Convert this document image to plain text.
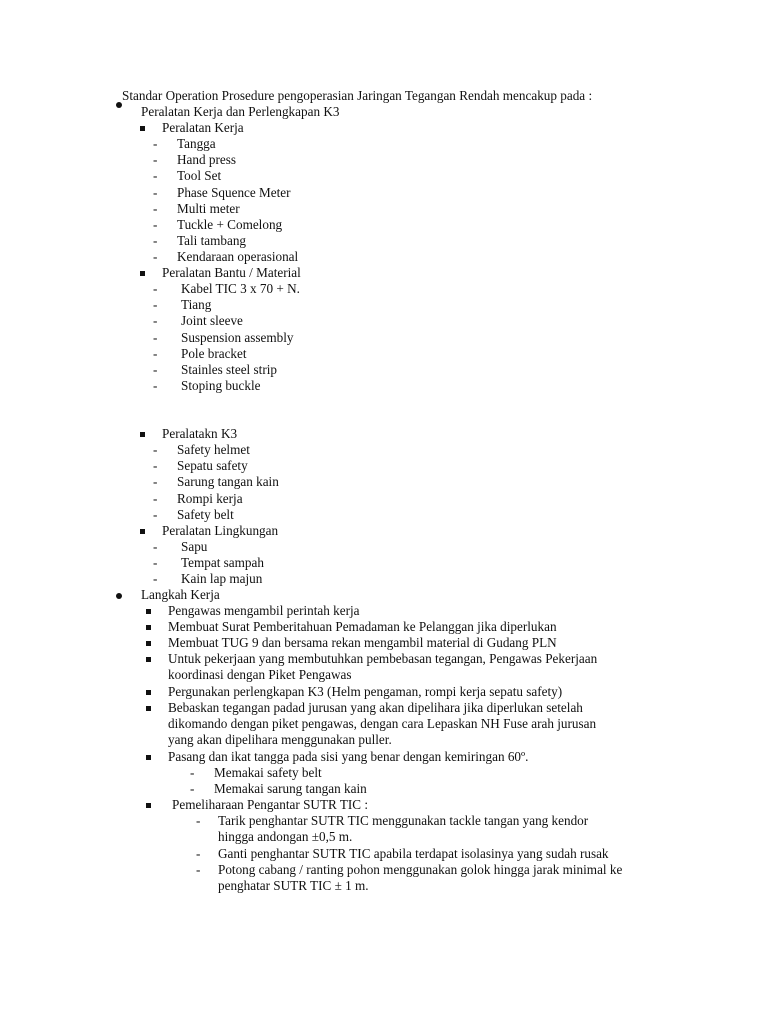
Standar Operation Prosedure pengoperasian Jaringan Tegangan Rendah mencakup pada :
Peralatan Kerja dan Perlengkapan K3
Peralatan Kerja
- Tangga
- Hand press
- Tool Set
- Phase Squence Meter
- Multi meter
- Tuckle + Comelong
- Tali tambang
- Kendaraan operasional
Peralatan Bantu / Material
- Kabel TIC 3 x 70 + N.
- Tiang
- Joint sleeve
- Suspension assembly
- Pole bracket
- Stainles steel strip
- Stoping buckle
Peralatakn K3
- Safety helmet
- Sepatu safety
- Sarung tangan kain
- Rompi kerja
- Safety belt
Peralatan Lingkungan
- Sapu
- Tempat sampah
- Kain lap majun
Langkah Kerja
Pengawas mengambil perintah kerja
Membuat Surat Pemberitahuan Pemadaman ke Pelanggan jika diperlukan
Membuat TUG 9 dan bersama rekan mengambil material di Gudang PLN
Untuk pekerjaan yang membutuhkan pembebasan tegangan, Pengawas Pekerjaan
koordinasi dengan Piket Pengawas
Pergunakan perlengkapan K3 (Helm pengaman, rompi kerja sepatu safety)
Bebaskan tegangan padad jurusan yang akan dipelihara jika diperlukan setelah
dikomando dengan piket pengawas, dengan cara Lepaskan NH Fuse arah jurusan
yang akan dipelihara menggunakan puller.
Pasang dan ikat tangga pada sisi yang benar dengan kemiringan 60º.
- Memakai safety belt
- Memakai sarung tangan kain
Pemeliharaan Pengantar SUTR TIC :
- Tarik penghantar SUTR TIC menggunakan tackle tangan yang kendor
hingga andongan ±0,5 m.
- Ganti penghantar SUTR TIC apabila terdapat isolasinya yang sudah rusak
- Potong cabang / ranting pohon menggunakan golok hingga jarak minimal ke
penghatar SUTR TIC ± 1 m.
